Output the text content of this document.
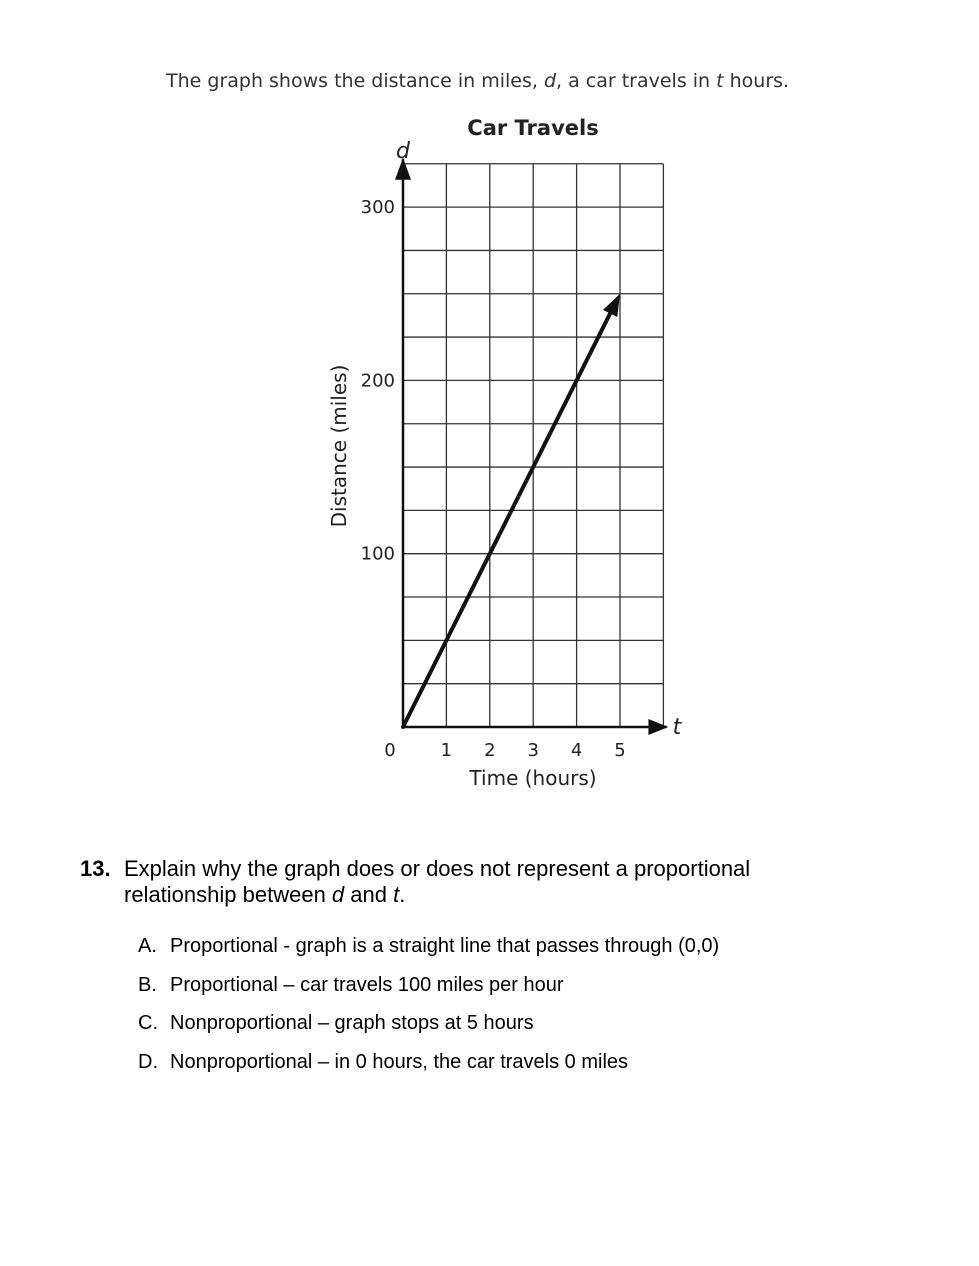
The graph shows the distance in miles, d, a car travels in t hours.
Car Travels
0 1 2 3 4 5
100
200
300
d
t
Time (hours)
Distance (miles)
13. Explain why the graph does or does not represent a proportional relationship between d and t.
A. Proportional - graph is a straight line that passes through (0,0)
B. Proportional – car travels 100 miles per hour
C. Nonproportional – graph stops at 5 hours
D. Nonproportional – in 0 hours, the car travels 0 miles
